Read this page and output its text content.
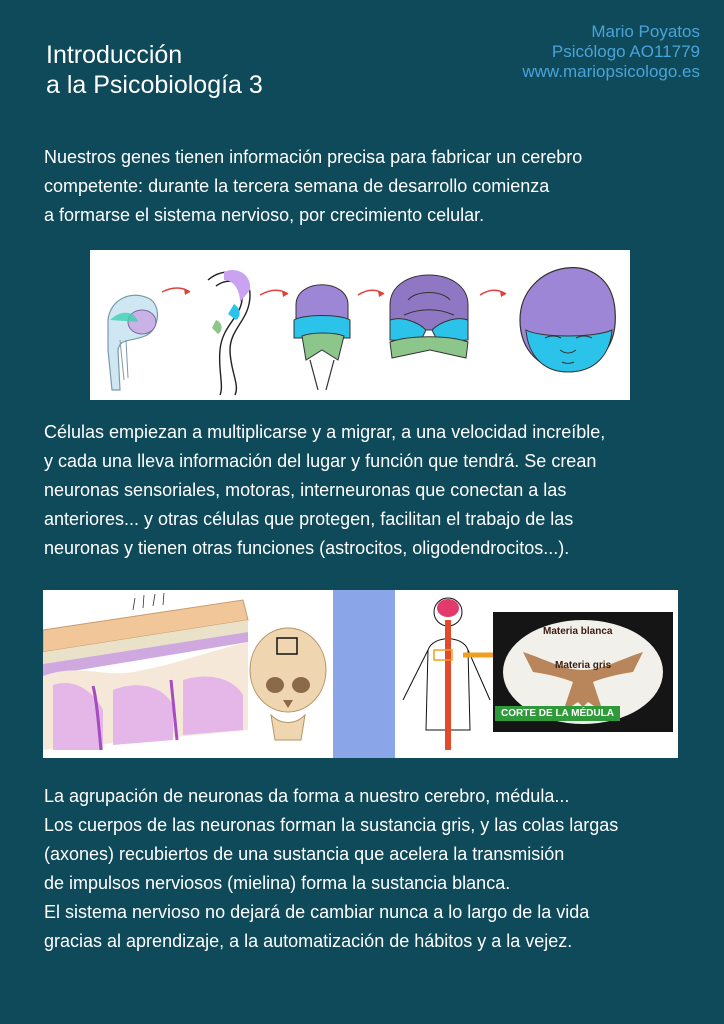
Introducción
a la Psicobiología 3
Mario Poyatos
Psicólogo AO11779
www.mariopsicologo.es
Nuestros genes tienen información precisa para fabricar un cerebro
competente: durante la tercera semana de desarrollo comienza
a formarse el sistema nervioso, por crecimiento celular.
Células empiezan a multiplicarse y a migrar, a una velocidad increíble,
y cada una lleva información del lugar y función que tendrá. Se crean
neuronas sensoriales, motoras, interneuronas que conectan a las
anteriores... y otras células que protegen, facilitan el trabajo de las
neuronas y tienen otras funciones (astrocitos, oligodendrocitos...).
Materia blanca
Materia gris
CORTE DE LA MÉDULA
La agrupación de neuronas da forma a nuestro cerebro, médula...
Los cuerpos de las neuronas forman la sustancia gris, y las colas largas
(axones) recubiertos de una sustancia que acelera la transmisión
de impulsos nerviosos (mielina) forma la sustancia blanca.
El sistema nervioso no dejará de cambiar nunca a lo largo de la vida
gracias al aprendizaje, a la automatización de hábitos y a la vejez.
